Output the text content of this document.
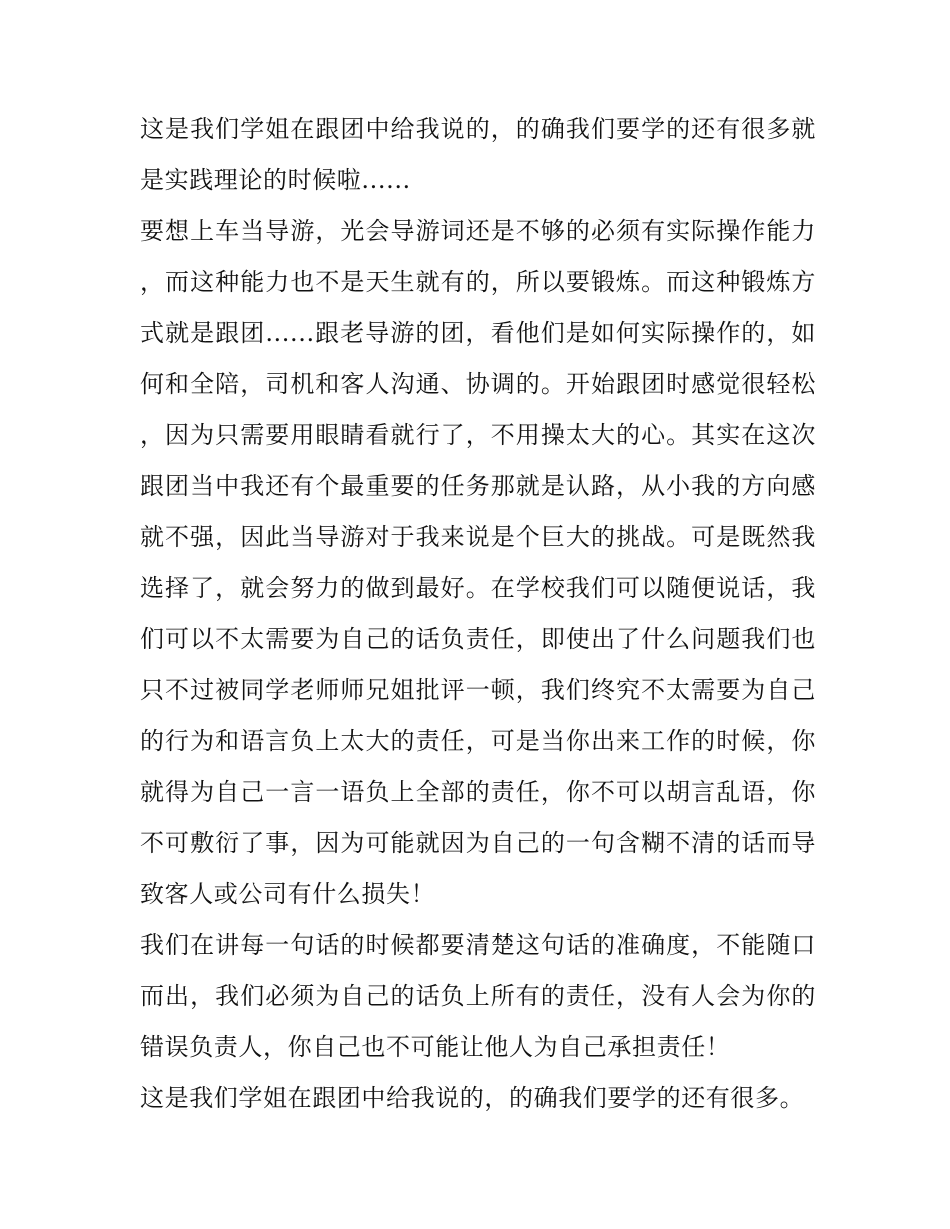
这是我们学姐在跟团中给我说的，的确我们要学的还有很多就是实践理论的时候啦......

要想上车当导游，光会导游词还是不够的必须有实际操作能力，而这种能力也不是天生就有的，所以要锻炼。而这种锻炼方式就是跟团......跟老导游的团，看他们是如何实际操作的，如何和全陪，司机和客人沟通、协调的。开始跟团时感觉很轻松，因为只需要用眼睛看就行了，不用操太大的心。其实在这次跟团当中我还有个最重要的任务那就是认路，从小我的方向感就不强，因此当导游对于我来说是个巨大的挑战。可是既然我选择了，就会努力的做到最好。在学校我们可以随便说话，我们可以不太需要为自己的话负责任，即使出了什么问题我们也只不过被同学老师师兄姐批评一顿，我们终究不太需要为自己的行为和语言负上太大的责任，可是当你出来工作的时候，你就得为自己一言一语负上全部的责任，你不可以胡言乱语，你不可敷衍了事，因为可能就因为自己的一句含糊不清的话而导致客人或公司有什么损失！

我们在讲每一句话的时候都要清楚这句话的准确度，不能随口而出，我们必须为自己的话负上所有的责任，没有人会为你的错误负责人，你自己也不可能让他人为自己承担责任！

这是我们学姐在跟团中给我说的，的确我们要学的还有很多。
